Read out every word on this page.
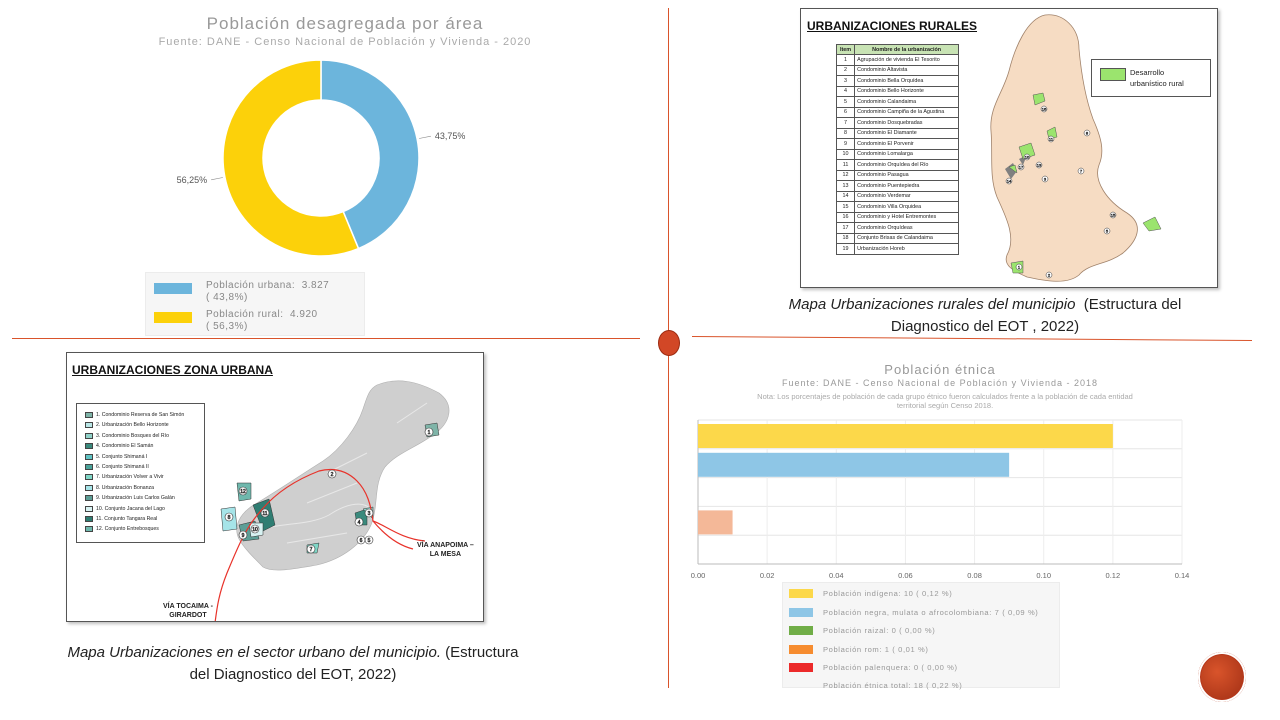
Población desagregada por área
Fuente: DANE - Censo Nacional de Población y Vivienda - 2020
43,75%
56,25%
Población urbana: 3.827
( 43,8%)
Población rural: 4.920
( 56,3%)
URBANIZACIONES RURALES
Item	Nombre de la urbanización
1	Agrupación de vivienda El Tesorito
2	Condominio Altavista
3	Condominio Bella Orquídea
4	Condominio Bello Horizonte
5	Condominio Calandaima
6	Condominio Campiña de la Agustina
7	Condominio Dosquebradas
8	Condominio El Diamante
9	Condominio El Porvenir
10	Condominio Lomalarga
11	Condominio Orquídea del Río
12	Condominio Pasagua
13	Condominio Puentepiedra
14	Condominio Verdemar
15	Condominio Villa Orquidea
16	Condominio y Hotel Entremontes
17	Condominio Orquídeas
18	Conjunto Brisas de Calandaima
19	Urbanización Horeb
16
11
8
7
10
17	13
3
14
15
5
1
2
Desarrollo
urbanístico rural
Mapa Urbanizaciones rurales del municipio (Estructura del
Diagnostico del EOT , 2022)
1
2
3
4
5
6
7
8
9
10
11
12
URBANIZACIONES ZONA URBANA
1. Condominio Reserva de San Simón
2. Urbanización Bello Horizonte
3. Condominio Bosques del Río
4. Condominio El Samán
5. Conjunto Shimaná I
6. Conjunto Shimaná II
7. Urbanización Volver a Vivir
8. Urbanización Bonanza
9. Urbanización Luis Carlos Galán
10. Conjunto Jacana del Lago
11. Conjunto Tangara Real
12. Conjunto Entrebosques
VÍA ANAPOIMA –
LA MESA
VÍA TOCAIMA -
GIRARDOT
Mapa Urbanizaciones en el sector urbano del municipio. (Estructura
del Diagnostico del EOT, 2022)
Población étnica
Fuente: DANE - Censo Nacional de Población y Vivienda - 2018
Nota: Los porcentajes de población de cada grupo étnico fueron calculados frente a la población de cada entidad
territorial según Censo 2018.
0.00	0.02	0.04	0.06	0.08	0.10	0.12	0.14
Población étnica total: 18 ( 0,22 %)
Población indígena: 10 ( 0,12 %)
Población negra, mulata o afrocolombiana: 7 ( 0,09 %)
Población raizal: 0 ( 0,00 %)
Población rom: 1 ( 0,01 %)
Población palenquera: 0 ( 0,00 %)
